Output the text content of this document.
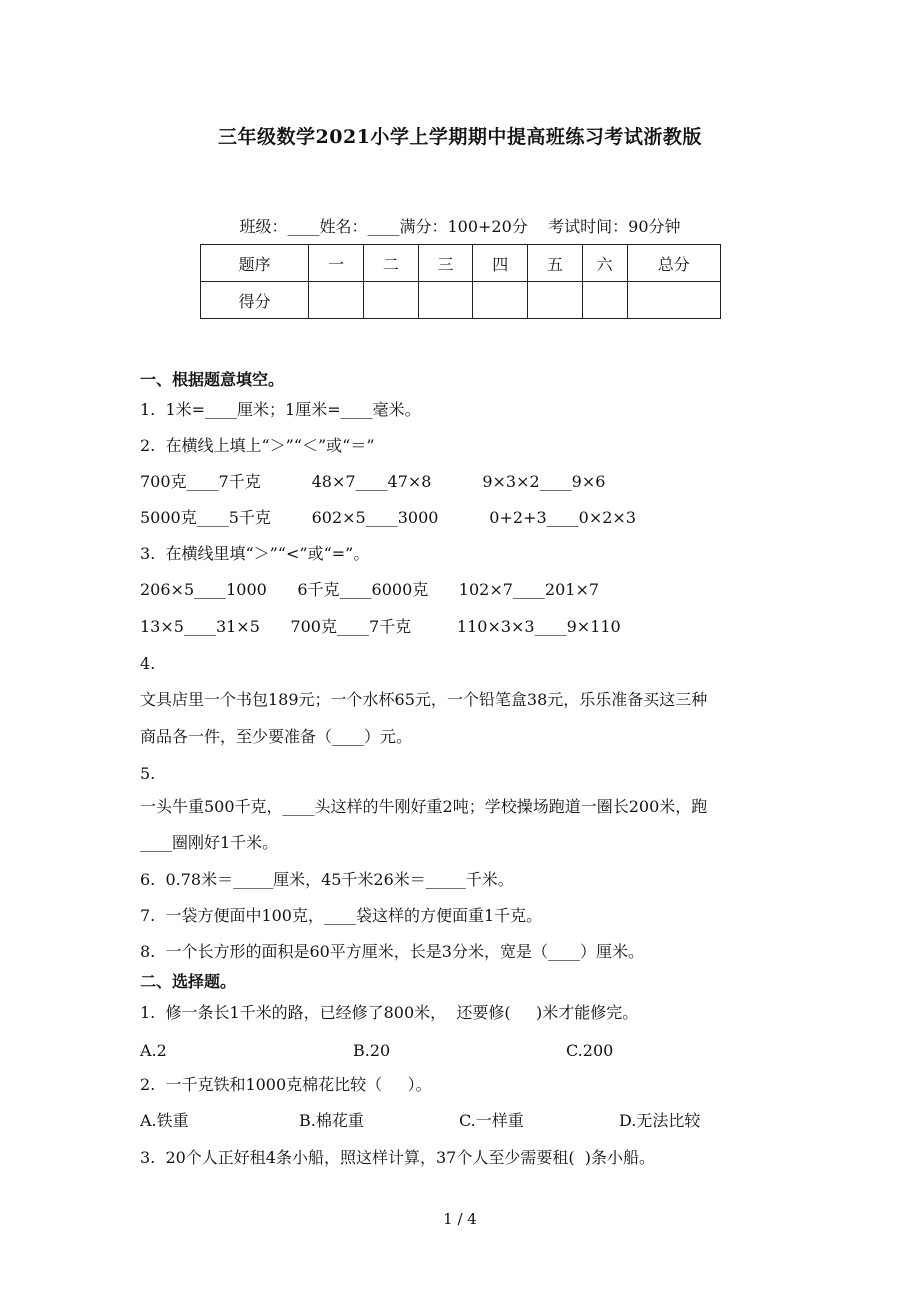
三年级数学2021小学上学期期中提高班练习考试浙教版
班级：____姓名：____满分：100+20分    考试时间：90分钟
题序	一	二	三	四	五	六	总分
得分							
一、根据题意填空。
1.  1米=____厘米；1厘米=____毫米。
2.  在横线上填上“＞”“＜”或“＝”
700克____7千克          48×7____47×8          9×3×2____9×6
5000克____5千克        602×5____3000          0+2+3____0×2×3
3.  在横线里填“＞”“<”或“=”。
206×5____1000      6千克____6000克      102×7____201×7
13×5____31×5      700克____7千克         110×3×3____9×110
4.
文具店里一个书包189元；一个水杯65元，一个铅笔盒38元，乐乐准备买这三种
商品各一件，至少要准备（____）元。
5.
一头牛重500千克，____头这样的牛刚好重2吨；学校操场跑道一圈长200米，跑
____圈刚好1千米。
6.  0.78米＝_____厘米，45千米26米＝_____千米。
7.  一袋方便面中100克，____袋这样的方便面重1千克。
8.  一个长方形的面积是60平方厘米，长是3分米，宽是（____）厘米。
二、选择题。
1.  修一条长1千米的路，已经修了800米，  还要修(     )米才能修完。
A.2	B.20	C.200
2.  一千克铁和1000克棉花比较（     ）。
A.铁重	B.棉花重	C.一样重	D.无法比较
3.  20个人正好租4条小船，照这样计算，37个人至少需要租(  )条小船。
1 / 4
